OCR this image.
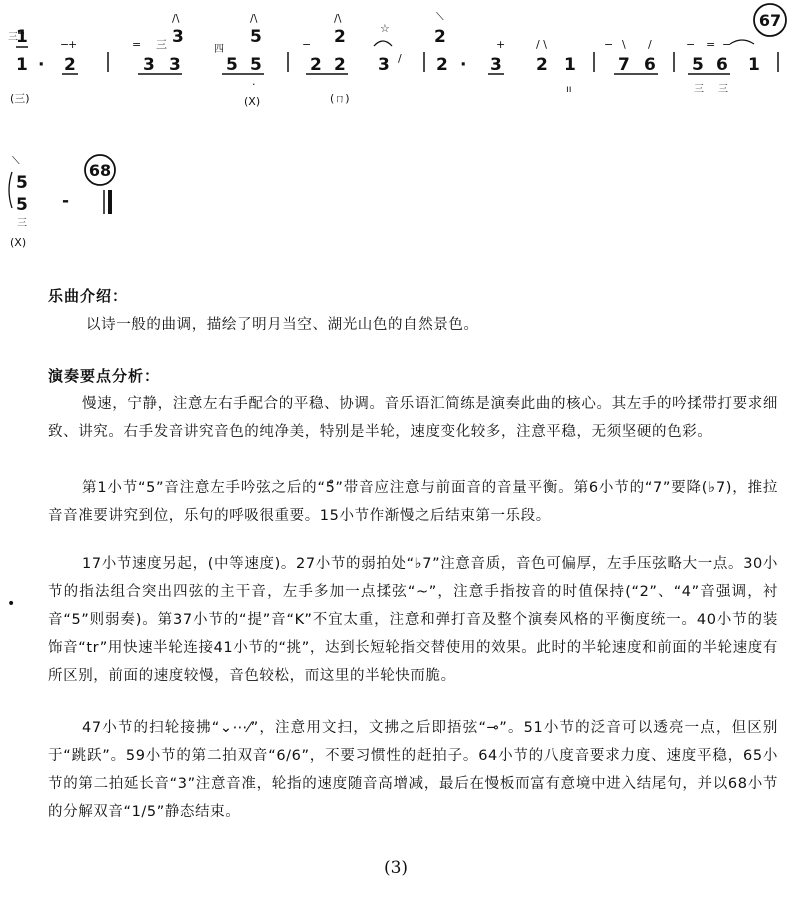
三
1
1 ·
−
+
2
(三)
/\
3
= 三
3 3
四
/\
5
5 5
·
(X)
/\
2
−
2 2
☆
3 /
(ㄇ)
⟍
2
2 ·
+
3
/ \
2 1
ıı
− \ /
7 6
− = −
5 6 1
三 三
67
⟍
5
5
三
(X)
-
68
乐曲介绍：

以诗一般的曲调，描绘了明月当空、湖光山色的自然景色。

演奏要点分析：

慢速，宁静，注意左右手配合的平稳、协调。音乐语汇简练是演奏此曲的核心。其左手的吟揉带打要求细致、讲究。右手发音讲究音色的纯净美，特别是半轮，速度变化较多，注意平稳，无须坚硬的色彩。

第1小节“5”音注意左手吟弦之后的“5̊”带音应注意与前面音的音量平衡。第6小节的“7”要降(♭7)，推拉音音准要讲究到位，乐句的呼吸很重要。15小节作渐慢之后结束第一乐段。

17小节速度另起，(中等速度)。27小节的弱拍处“♭7”注意音质，音色可偏厚，左手压弦略大一点。30小节的指法组合突出四弦的主干音，左手多加一点揉弦“~”，注意手指按音的时值保持(“2”、“4”音强调，衬音“5”则弱奏)。第37小节的“提”音“K”不宜太重，注意和弹打音及整个演奏风格的平衡度统一。40小节的装饰音“tr”用快速半轮连接41小节的“挑”，达到长短轮指交替使用的效果。此时的半轮速度和前面的半轮速度有所区别，前面的速度较慢，音色较松，而这里的半轮快而脆。

47小节的扫轮接拂“⌄⋯⁄”，注意用文扫，文拂之后即捂弦“⊸”。51小节的泛音可以透亮一点，但区别于“跳跃”。59小节的第二拍双音“6/6”，不要习惯性的赶拍子。64小节的八度音要求力度、速度平稳，65小节的第二拍延长音“3”注意音准，轮指的速度随音高增减，最后在慢板而富有意境中进入结尾句，并以68小节的分解双音“1/5”静态结束。

•
(3)
